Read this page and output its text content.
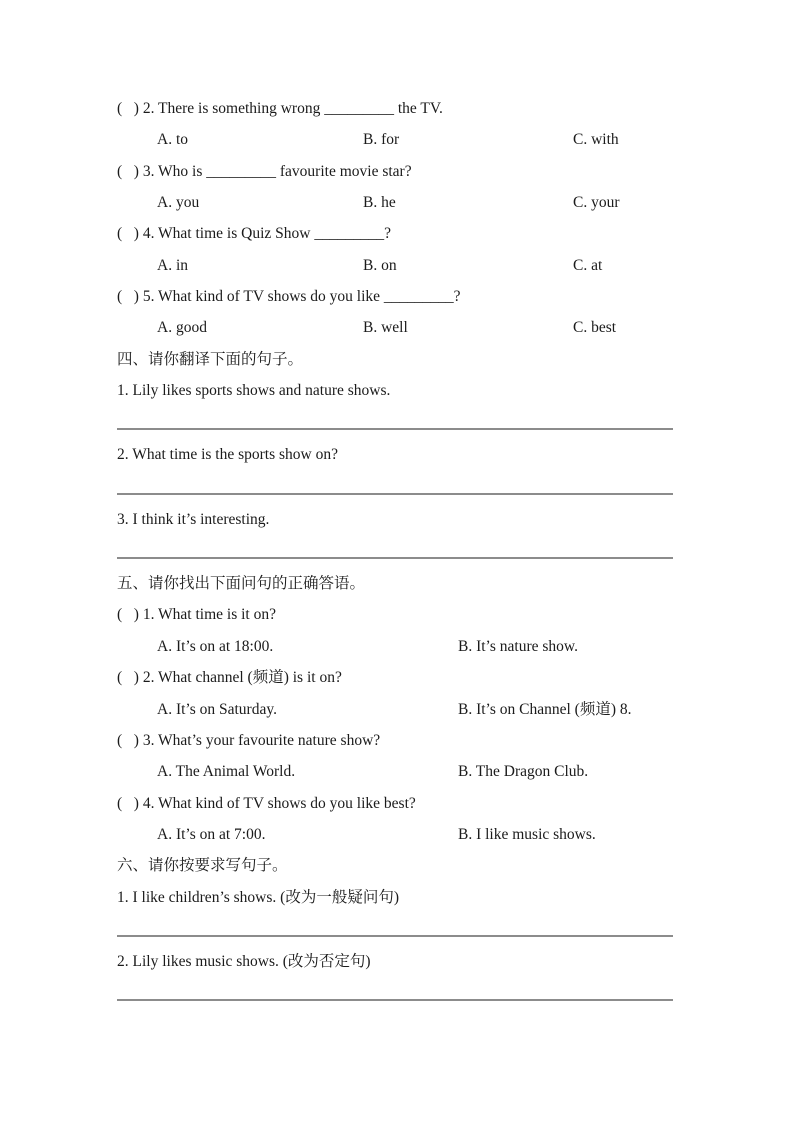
(   ) 2. There is something wrong _________ the TV.
A. to	B. for	C. with
(   ) 3. Who is _________ favourite movie star?
A. you	B. he	C. your
(   ) 4. What time is Quiz Show _________?
A. in	B. on	C. at
(   ) 5. What kind of TV shows do you like _________?
A. good	B. well	C. best
四、请你翻译下面的句子。
1. Lily likes sports shows and nature shows.
2. What time is the sports show on?
3. I think it’s interesting.
五、请你找出下面问句的正确答语。
(   ) 1. What time is it on?
A. It’s on at 18:00.	B. It’s nature show.
(   ) 2. What channel (频道) is it on?
A. It’s on Saturday.	B. It’s on Channel (频道) 8.
(   ) 3. What’s your favourite nature show?
A. The Animal World.	B. The Dragon Club.
(   ) 4. What kind of TV shows do you like best?
A. It’s on at 7:00.	B. I like music shows.
六、请你按要求写句子。
1. I like children’s shows. (改为一般疑问句)
2. Lily likes music shows. (改为否定句)
